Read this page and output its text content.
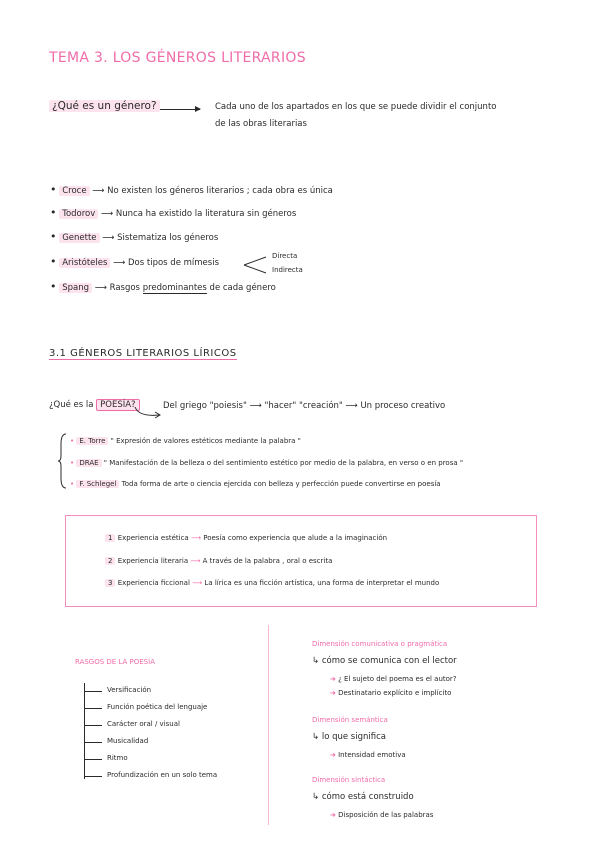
TEMA 3. LOS GÉNEROS LITERARIOS
¿Qué es un género?	Cada uno de los apartados en los que se puede dividir el conjunto
de las obras literarias
• Croce ⟶ No existen los géneros literarios ; cada obra es única
• Todorov ⟶ Nunca ha existido la literatura sin géneros
• Genette ⟶ Sistematiza los géneros
• Aristóteles ⟶ Dos tipos de mímesis
Directa
Indirecta
• Spang ⟶ Rasgos predominantes de cada género
3.1 GÉNEROS LITERARIOS LÍRICOS
¿Qué es la POESÍA?	Del griego "poiesis" ⟶ "hacer" "creación" ⟶ Un proceso creativo
• E. Torre " Expresión de valores estéticos mediante la palabra "
• DRAE " Manifestación de la belleza o del sentimiento estético por medio de la palabra, en verso o en prosa "
• F. Schlegel Toda forma de arte o ciencia ejercida con belleza y perfección puede convertirse en poesía
1 Experiencia estética ⟶ Poesía como experiencia que alude a la imaginación
2 Experiencia literaria ⟶ A través de la palabra , oral o escrita
3 Experiencia ficcional ⟶ La lírica es una ficción artística, una forma de interpretar el mundo
RASGOS DE LA POESÍA
Versificación
Función poética del lenguaje
Carácter oral / visual
Musicalidad
Ritmo
Profundización en un solo tema
Dimensión comunicativa o pragmática
↳ cómo se comunica con el lector
➜ ¿ El sujeto del poema es el autor?
➜ Destinatario explícito e implícito
Dimensión semántica
↳ lo que significa
➜ Intensidad emotiva
Dimensión sintáctica
↳ cómo está construido
➜ Disposición de las palabras
